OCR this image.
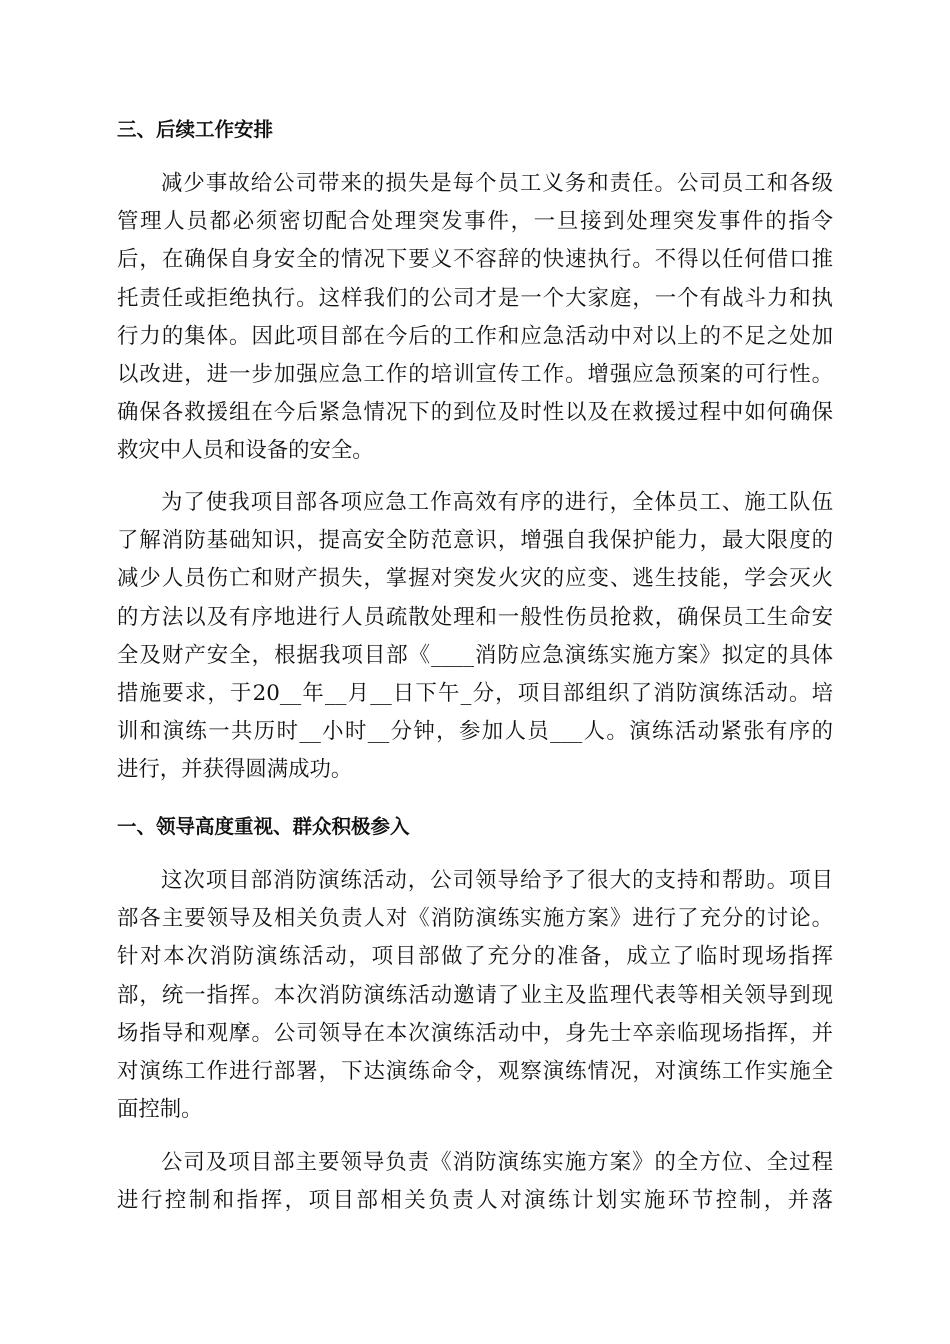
三、后续工作安排
减少事故给公司带来的损失是每个员工义务和责任。公司员工和各级
管理人员都必须密切配合处理突发事件，一旦接到处理突发事件的指令
后，在确保自身安全的情况下要义不容辞的快速执行。不得以任何借口推
托责任或拒绝执行。这样我们的公司才是一个大家庭，一个有战斗力和执
行力的集体。因此项目部在今后的工作和应急活动中对以上的不足之处加
以改进，进一步加强应急工作的培训宣传工作。增强应急预案的可行性。
确保各救援组在今后紧急情况下的到位及时性以及在救援过程中如何确保
救灾中人员和设备的安全。
为了使我项目部各项应急工作高效有序的进行，全体员工、施工队伍
了解消防基础知识，提高安全防范意识，增强自我保护能力，最大限度的
减少人员伤亡和财产损失，掌握对突发火灾的应变、逃生技能，学会灭火
的方法以及有序地进行人员疏散处理和一般性伤员抢救，确保员工生命安
全及财产安全，根据我项目部《____消防应急演练实施方案》拟定的具体
措施要求，于20__年__月__日下午_分，项目部组织了消防演练活动。培
训和演练一共历时__小时__分钟，参加人员___人。演练活动紧张有序的
进行，并获得圆满成功。
一、领导高度重视、群众积极参入
这次项目部消防演练活动，公司领导给予了很大的支持和帮助。项目
部各主要领导及相关负责人对《消防演练实施方案》进行了充分的讨论。
针对本次消防演练活动，项目部做了充分的准备，成立了临时现场指挥
部，统一指挥。本次消防演练活动邀请了业主及监理代表等相关领导到现
场指导和观摩。公司领导在本次演练活动中，身先士卒亲临现场指挥，并
对演练工作进行部署，下达演练命令，观察演练情况，对演练工作实施全
面控制。
公司及项目部主要领导负责《消防演练实施方案》的全方位、全过程
进行控制和指挥，项目部相关负责人对演练计划实施环节控制，并落
